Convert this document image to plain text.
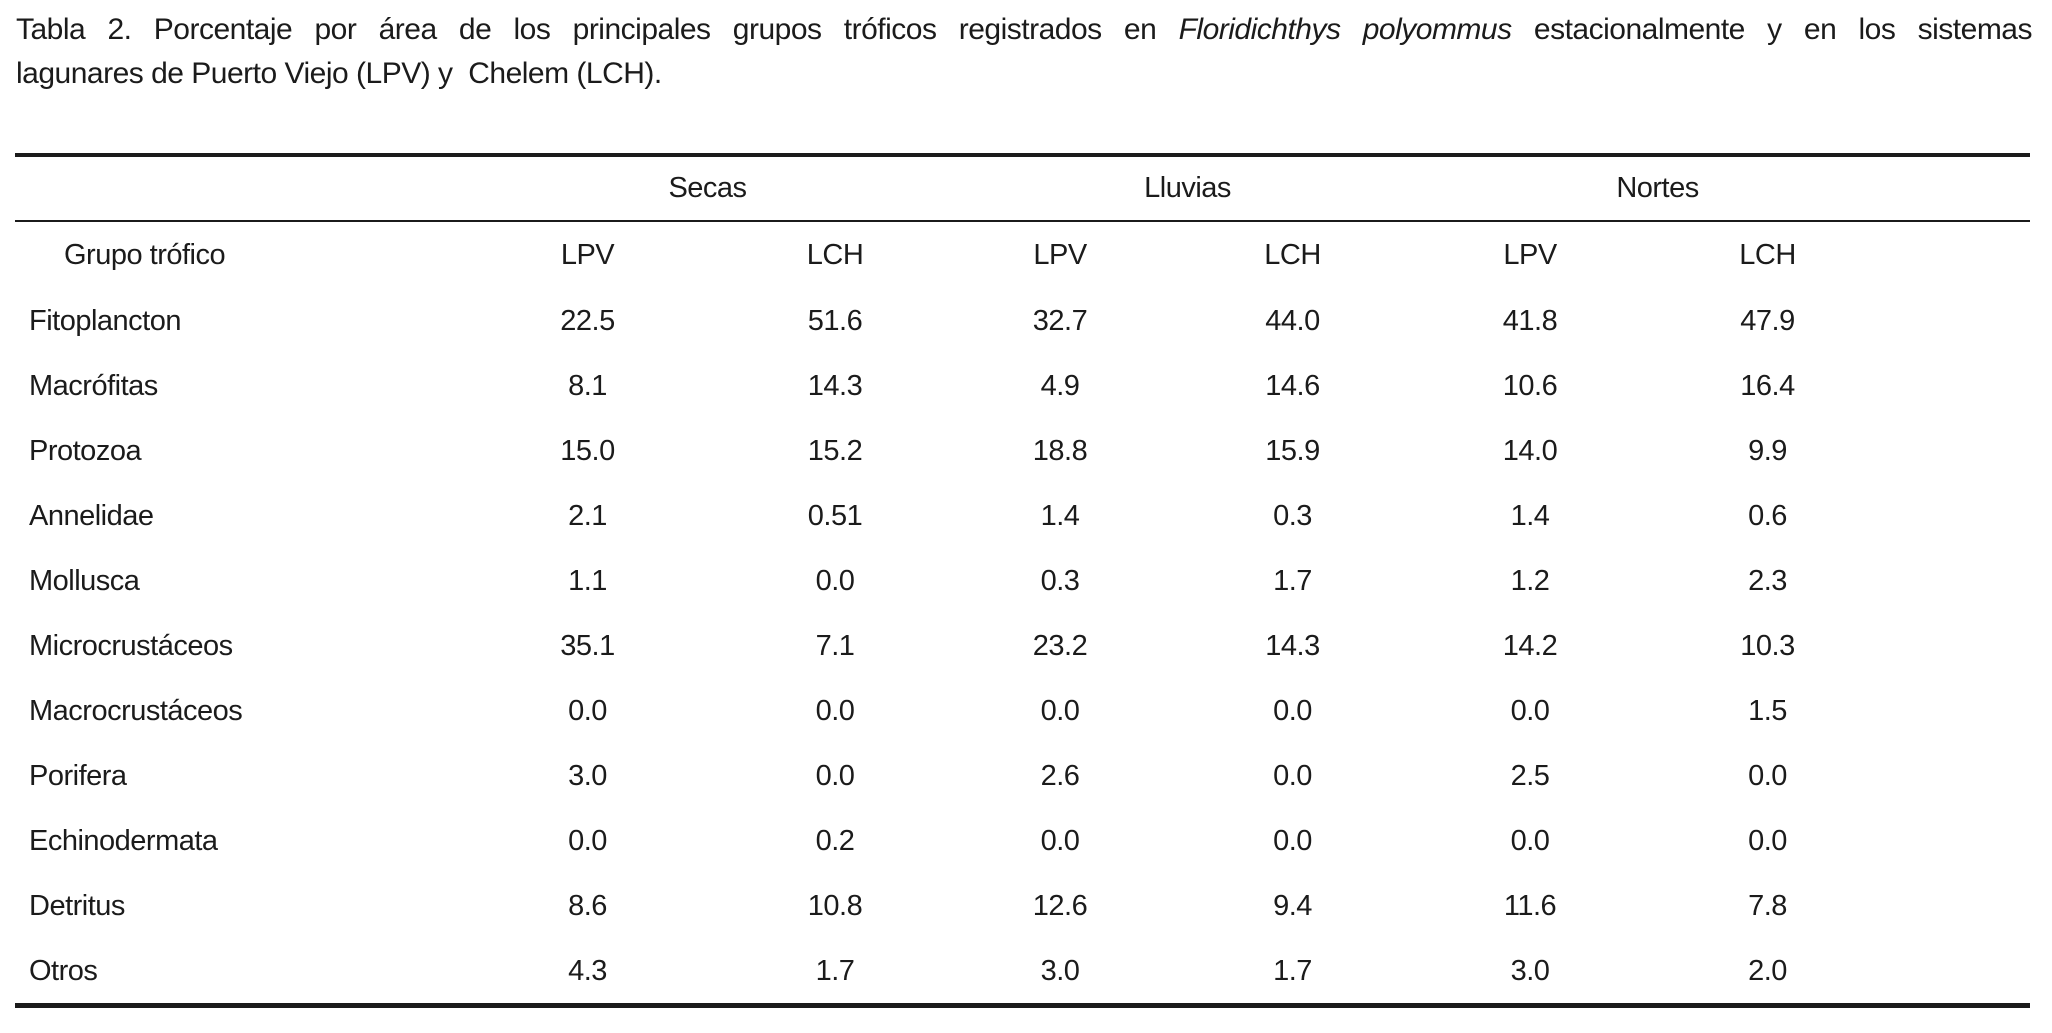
Tabla 2. Porcentaje por área de los principales grupos tróficos registrados en Floridichthys polyommus estacionalmente y en los sistemas
lagunares de Puerto Viejo (LPV) y  Chelem (LCH).
	Secas		Lluvias		Nortes		
Grupo trófico	LPV	LCH	LPV	LCH	LPV	LCH	
Fitoplancton	22.5	51.6	32.7	44.0	41.8	47.9	
Macrófitas	8.1	14.3	4.9	14.6	10.6	16.4	
Protozoa	15.0	15.2	18.8	15.9	14.0	9.9	
Annelidae	2.1	0.51	1.4	0.3	1.4	0.6	
Mollusca	1.1	0.0	0.3	1.7	1.2	2.3	
Microcrustáceos	35.1	7.1	23.2	14.3	14.2	10.3	
Macrocrustáceos	0.0	0.0	0.0	0.0	0.0	1.5	
Porifera	3.0	0.0	2.6	0.0	2.5	0.0	
Echinodermata	0.0	0.2	0.0	0.0	0.0	0.0	
Detritus	8.6	10.8	12.6	9.4	11.6	7.8	
Otros	4.3	1.7	3.0	1.7	3.0	2.0	
